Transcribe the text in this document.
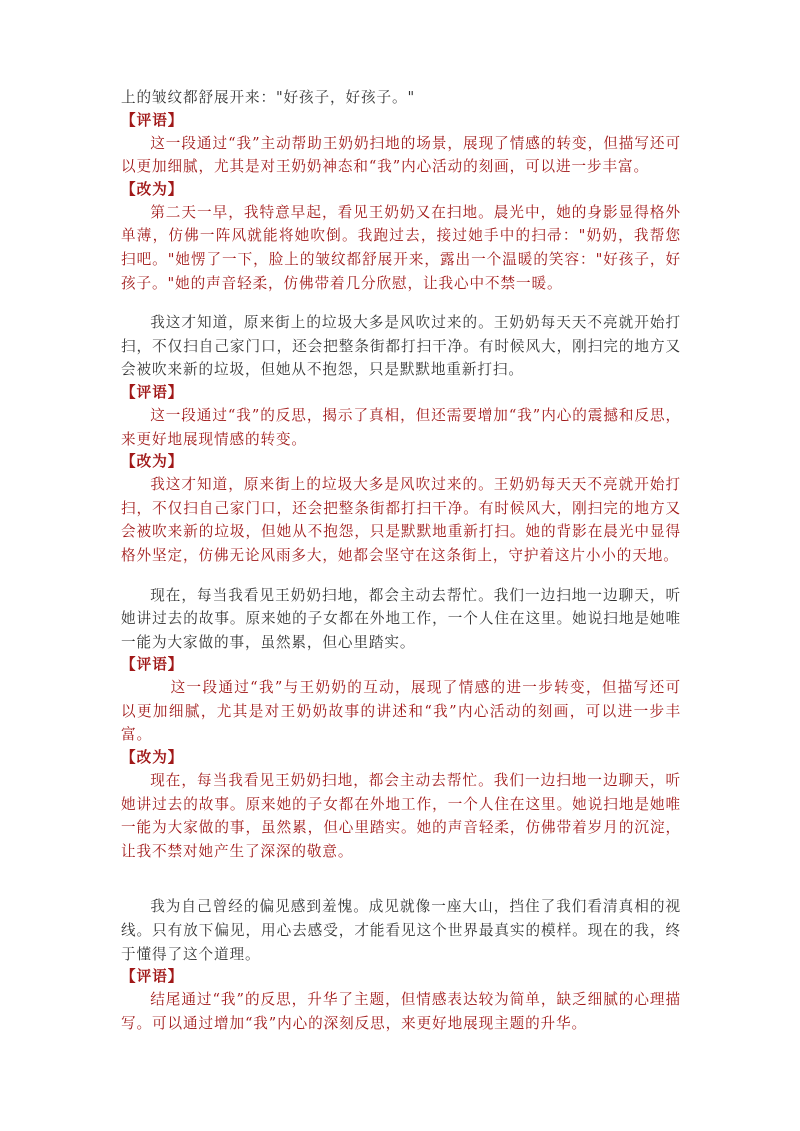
上的皱纹都舒展开来："好孩子，好孩子。"

【评语】

这一段通过“我”主动帮助王奶奶扫地的场景，展现了情感的转变，但描写还可以更加细腻，尤其是对王奶奶神态和“我”内心活动的刻画，可以进一步丰富。

【改为】

第二天一早，我特意早起，看见王奶奶又在扫地。晨光中，她的身影显得格外单薄，仿佛一阵风就能将她吹倒。我跑过去，接过她手中的扫帚："奶奶，我帮您扫吧。"她愣了一下，脸上的皱纹都舒展开来，露出一个温暖的笑容："好孩子，好孩子。"她的声音轻柔，仿佛带着几分欣慰，让我心中不禁一暖。

我这才知道，原来街上的垃圾大多是风吹过来的。王奶奶每天天不亮就开始打扫，不仅扫自己家门口，还会把整条街都打扫干净。有时候风大，刚扫完的地方又会被吹来新的垃圾，但她从不抱怨，只是默默地重新打扫。

【评语】

这一段通过“我”的反思，揭示了真相，但还需要增加“我”内心的震撼和反思，来更好地展现情感的转变。

【改为】

我这才知道，原来街上的垃圾大多是风吹过来的。王奶奶每天天不亮就开始打扫，不仅扫自己家门口，还会把整条街都打扫干净。有时候风大，刚扫完的地方又会被吹来新的垃圾，但她从不抱怨，只是默默地重新打扫。她的背影在晨光中显得格外坚定，仿佛无论风雨多大，她都会坚守在这条街上，守护着这片小小的天地。

现在，每当我看见王奶奶扫地，都会主动去帮忙。我们一边扫地一边聊天，听她讲过去的故事。原来她的子女都在外地工作，一个人住在这里。她说扫地是她唯一能为大家做的事，虽然累，但心里踏实。

【评语】

这一段通过“我”与王奶奶的互动，展现了情感的进一步转变，但描写还可以更加细腻，尤其是对王奶奶故事的讲述和“我”内心活动的刻画，可以进一步丰富。

【改为】

现在，每当我看见王奶奶扫地，都会主动去帮忙。我们一边扫地一边聊天，听她讲过去的故事。原来她的子女都在外地工作，一个人住在这里。她说扫地是她唯一能为大家做的事，虽然累，但心里踏实。她的声音轻柔，仿佛带着岁月的沉淀，让我不禁对她产生了深深的敬意。

我为自己曾经的偏见感到羞愧。成见就像一座大山，挡住了我们看清真相的视线。只有放下偏见，用心去感受，才能看见这个世界最真实的模样。现在的我，终于懂得了这个道理。

【评语】

结尾通过“我”的反思，升华了主题，但情感表达较为简单，缺乏细腻的心理描写。可以通过增加“我”内心的深刻反思，来更好地展现主题的升华。
